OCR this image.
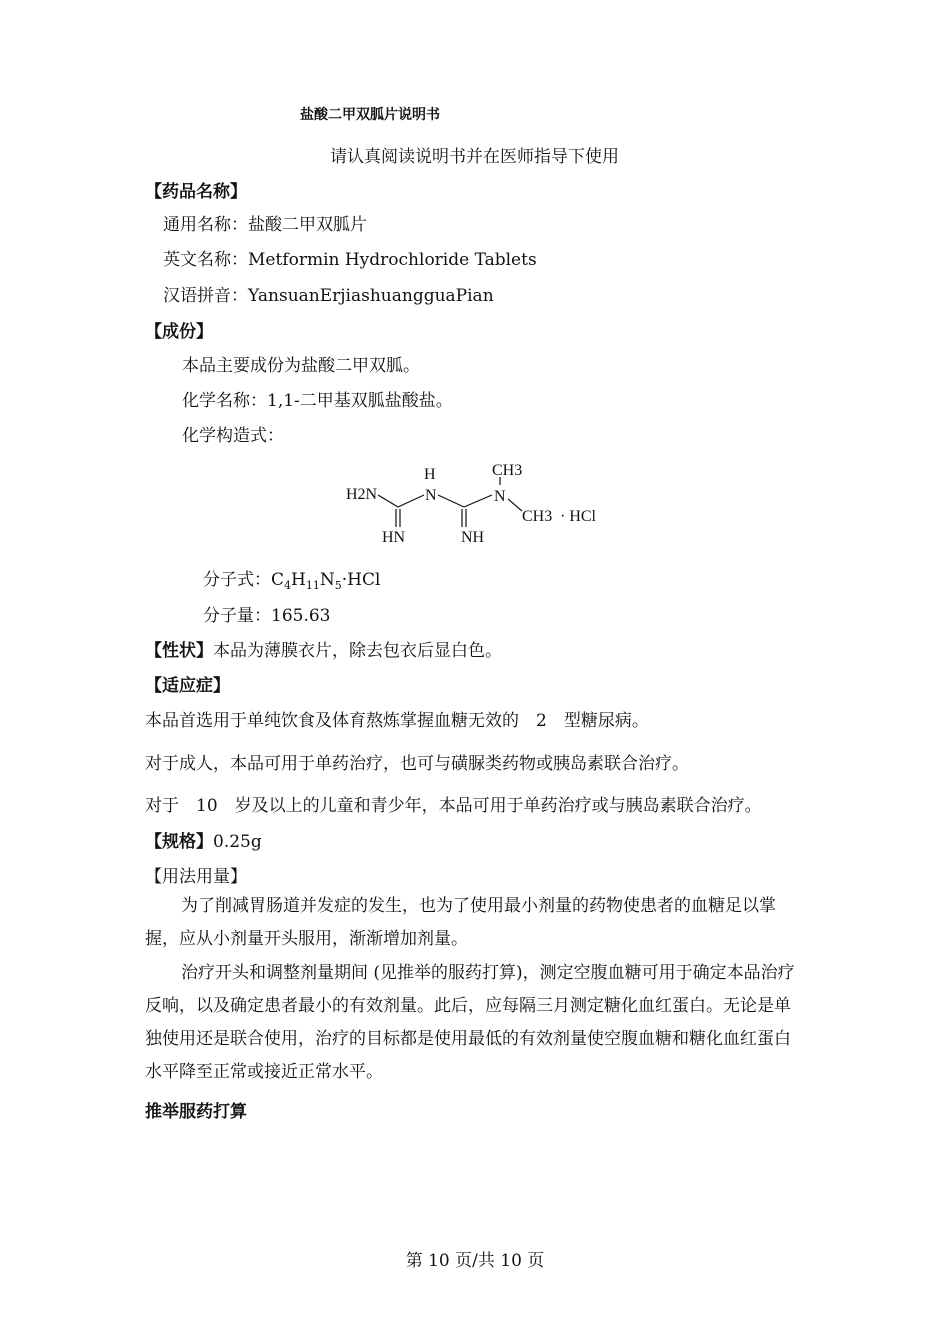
盐酸二甲双胍片说明书
请认真阅读说明书并在医师指导下使用
【药品名称】
通用名称：盐酸二甲双胍片
英文名称：Metformin Hydrochloride Tablets
汉语拼音：YansuanErjiashuangguaPian
【成份】
本品主要成份为盐酸二甲双胍。
化学名称：1,1-二甲基双胍盐酸盐。
化学构造式：
H	CH3
H2N	N	N
CH3 · HCl
HN	NH
分子式：$C_4H_{11}N_5\cdot HCl$
分子量：165.63
【性状】本品为薄膜衣片，除去包衣后显白色。
【适应症】
本品首选用于单纯饮食及体育熬炼掌握血糖无效的　2　型糖尿病。
对于成人，本品可用于单药治疗，也可与磺脲类药物或胰岛素联合治疗。
对于　10　岁及以上的儿童和青少年，本品可用于单药治疗或与胰岛素联合治疗。
【规格】0.25g
【用法用量】
为了削减胃肠道并发症的发生，也为了使用最小剂量的药物使患者的血糖足以掌握，应从小剂量开头服用，渐渐增加剂量。
治疗开头和调整剂量期间 (见推举的服药打算)，测定空腹血糖可用于确定本品治疗反响，以及确定患者最小的有效剂量。此后，应每隔三月测定糖化血红蛋白。无论是单独使用还是联合使用，治疗的目标都是使用最低的有效剂量使空腹血糖和糖化血红蛋白水平降至正常或接近正常水平。
推举服药打算
第 10 页/共 10 页
